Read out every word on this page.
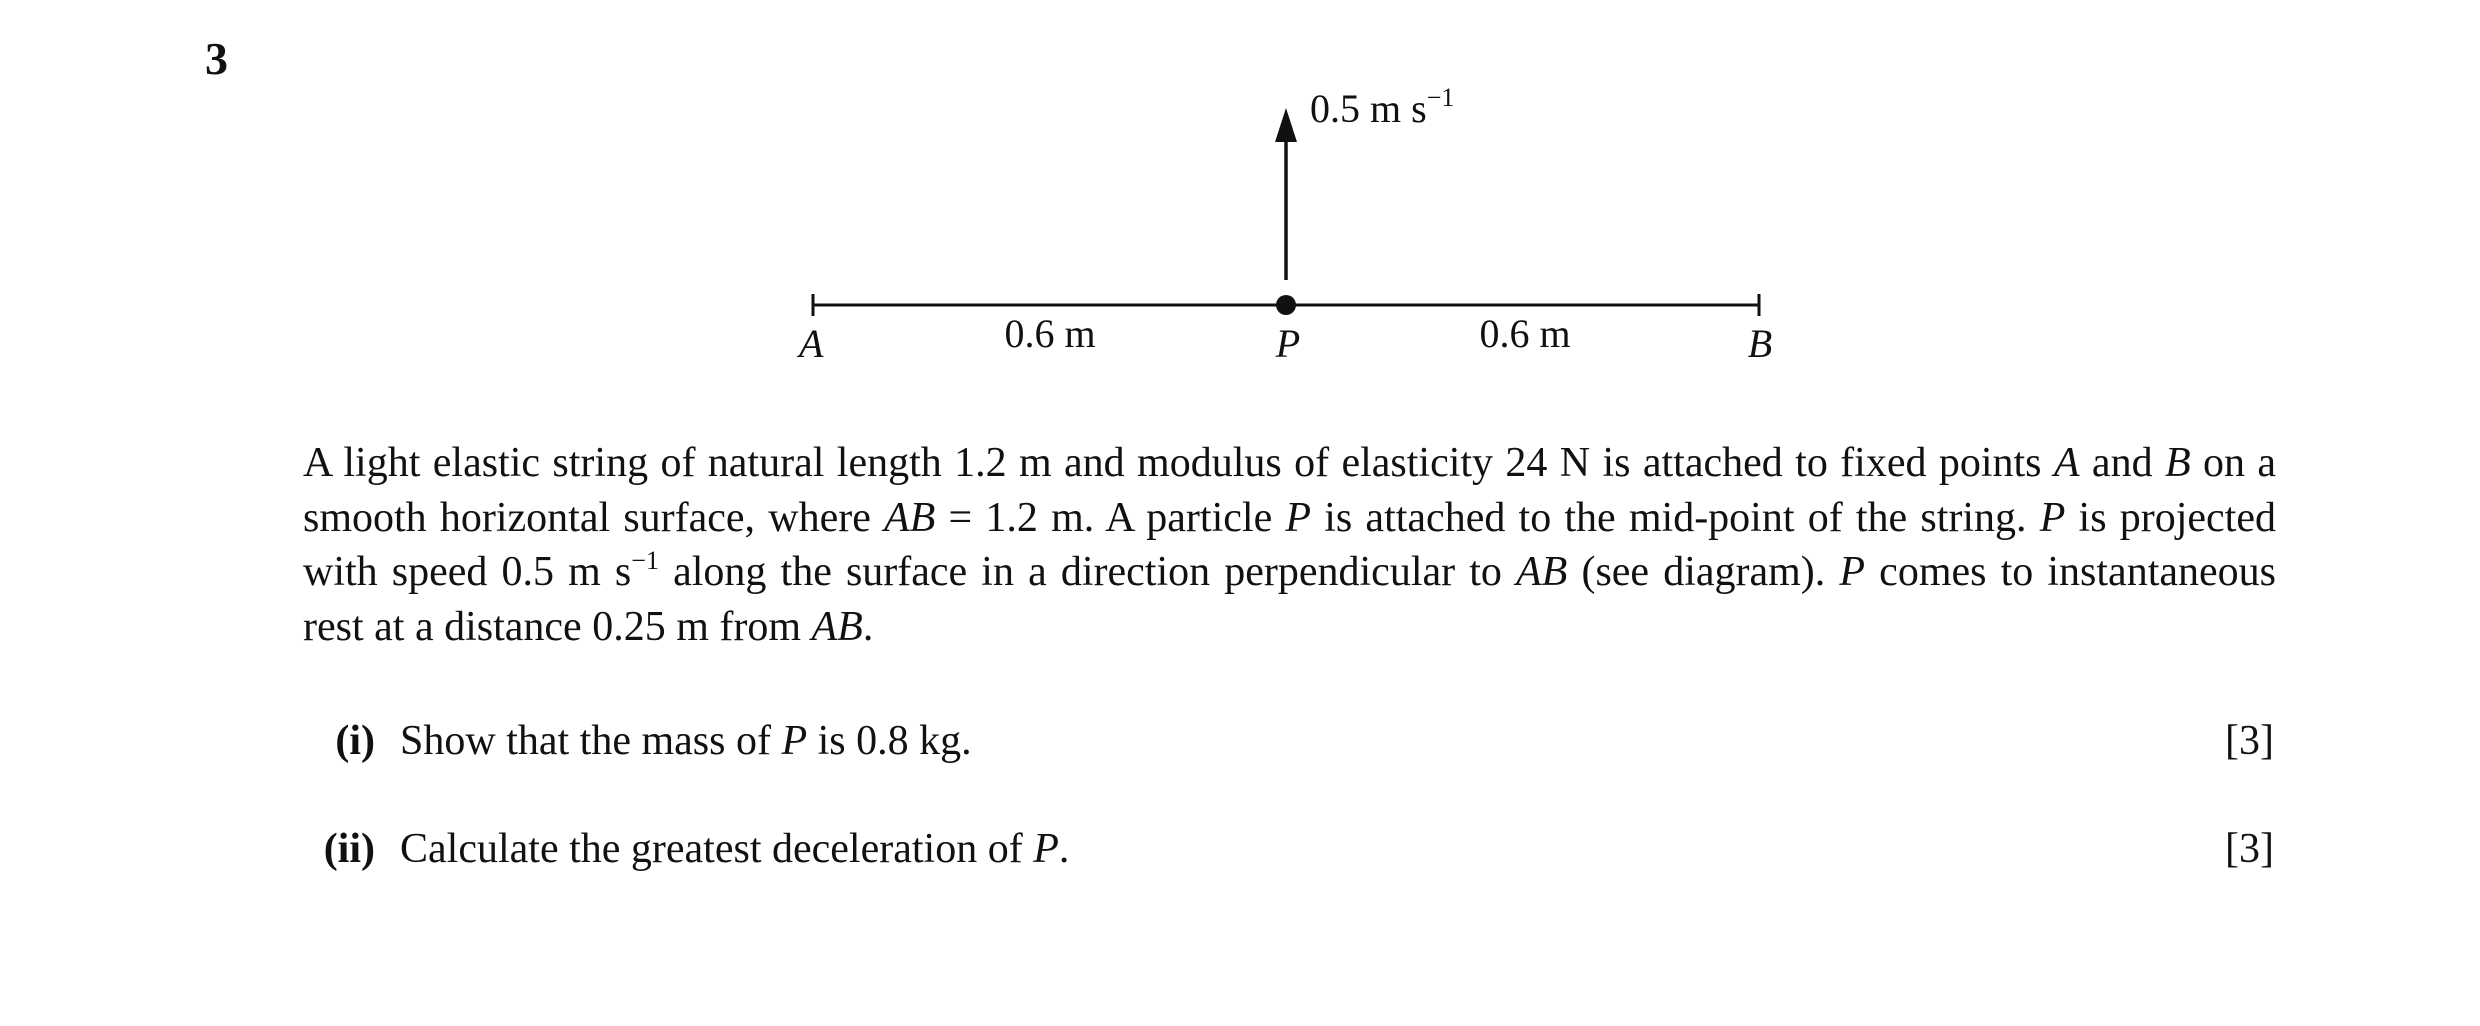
3
0.5 m $s^{-1}$
A	0.6 m	P	0.6 m	B
A light elastic string of natural length 1.2 m and modulus of elasticity 24 N is attached to fixed points A and B on a smooth horizontal surface, where AB = 1.2 m. A particle P is attached to the mid-point of the string. P is projected with speed 0.5 m $s^{-1}$ along the surface in a direction perpendicular to AB (see diagram). P comes to instantaneous rest at a distance 0.25 m from AB.
(i) Show that the mass of P is 0.8 kg.	[3]
(ii) Calculate the greatest deceleration of P.	[3]
